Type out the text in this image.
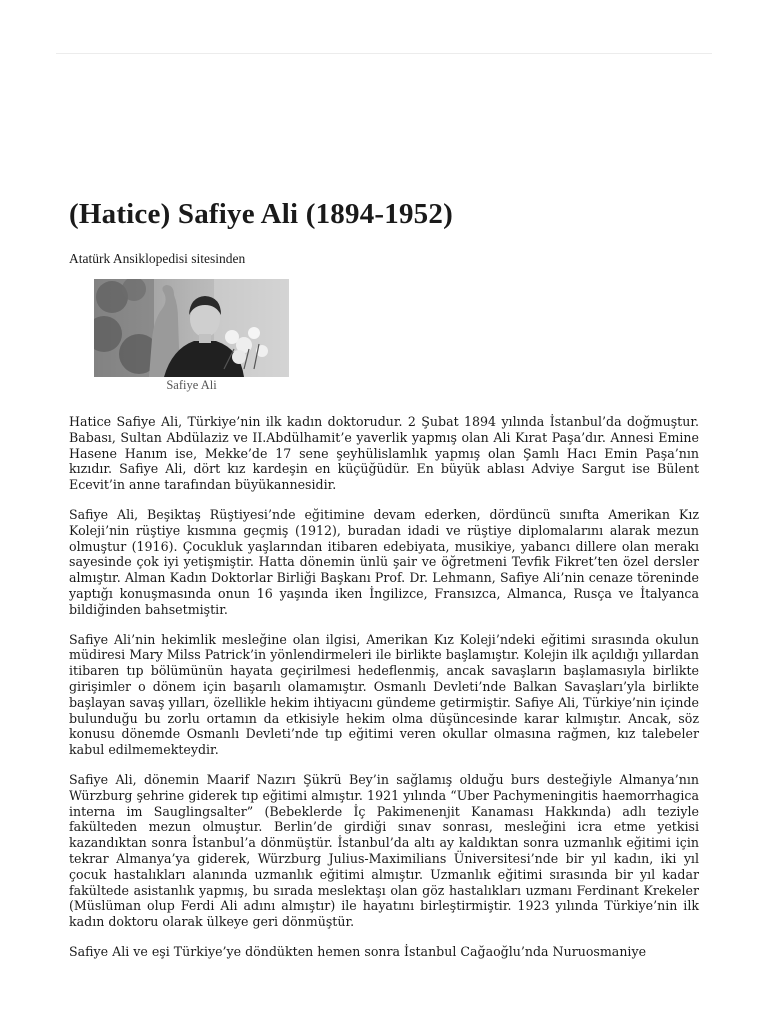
(Hatice) Safiye Ali (1894-1952)
Atatürk Ansiklopedisi sitesinden
Safiye Ali

Hatice Safiye Ali, Türkiye’nin ilk kadın doktorudur. 2 Şubat 1894 yılında İstanbul’da doğmuştur. Babası, Sultan Abdülaziz ve II.Abdülhamit’e yaverlik yapmış olan Ali Kırat Paşa’dır. Annesi Emine Hasene Hanım ise, Mekke’de 17 sene şeyhülislamlık yapmış olan Şamlı Hacı Emin Paşa’nın kızıdır. Safiye Ali, dört kız kardeşin en küçüğüdür. En büyük ablası Adviye Sargut ise Bülent Ecevit’in anne tarafından büyükannesidir.

Safiye Ali, Beşiktaş Rüştiyesi’nde eğitimine devam ederken, dördüncü sınıfta Amerikan Kız Koleji’nin rüştiye kısmına geçmiş (1912), buradan idadi ve rüştiye diplomalarını alarak mezun olmuştur (1916). Çocukluk yaşlarından itibaren edebiyata, musikiye, yabancı dillere olan merakı sayesinde çok iyi yetişmiştir. Hatta dönemin ünlü şair ve öğretmeni Tevfik Fikret’ten özel dersler almıştır. Alman Kadın Doktorlar Birliği Başkanı Prof. Dr. Lehmann, Safiye Ali’nin cenaze töreninde yaptığı konuşmasında onun 16 yaşında iken İngilizce, Fransızca, Almanca, Rusça ve İtalyanca bildiğinden bahsetmiştir.

Safiye Ali’nin hekimlik mesleğine olan ilgisi, Amerikan Kız Koleji’ndeki eğitimi sırasında okulun müdiresi Mary Milss Patrick’in yönlendirmeleri ile birlikte başlamıştır. Kolejin ilk açıldığı yıllardan itibaren tıp bölümünün hayata geçirilmesi hedeflenmiş, ancak savaşların başlamasıyla birlikte girişimler o dönem için başarılı olamamıştır. Osmanlı Devleti’nde Balkan Savaşları’yla birlikte başlayan savaş yılları, özellikle hekim ihtiyacını gündeme getirmiştir. Safiye Ali, Türkiye’nin içinde bulunduğu bu zorlu ortamın da etkisiyle hekim olma düşüncesinde karar kılmıştır. Ancak, söz konusu dönemde Osmanlı Devleti’nde tıp eğitimi veren okullar olmasına rağmen, kız talebeler kabul edilmemekteydir.

Safiye Ali, dönemin Maarif Nazırı Şükrü Bey’in sağlamış olduğu burs desteğiyle Almanya’nın Würzburg şehrine giderek tıp eğitimi almıştır. 1921 yılında “Uber Pachymeningitis haemorrhagica interna im Sauglingsalter” (Bebeklerde İç Pakimenenjit Kanaması Hakkında) adlı teziyle fakülteden mezun olmuştur. Berlin’de girdiği sınav sonrası, mesleğini icra etme yetkisi kazandıktan sonra İstanbul’a dönmüştür. İstanbul’da altı ay kaldıktan sonra uzmanlık eğitimi için tekrar Almanya’ya giderek, Würzburg Julius-Maximilians Üniversitesi’nde bir yıl kadın, iki yıl çocuk hastalıkları alanında uzmanlık eğitimi almıştır. Uzmanlık eğitimi sırasında bir yıl kadar fakültede asistanlık yapmış, bu sırada meslektaşı olan göz hastalıkları uzmanı Ferdinant Krekeler (Müslüman olup Ferdi Ali adını almıştır) ile hayatını birleştirmiştir. 1923 yılında Türkiye’nin ilk kadın doktoru olarak ülkeye geri dönmüştür.

Safiye Ali ve eşi Türkiye’ye döndükten hemen sonra İstanbul Cağaoğlu’nda Nuruosmaniye
